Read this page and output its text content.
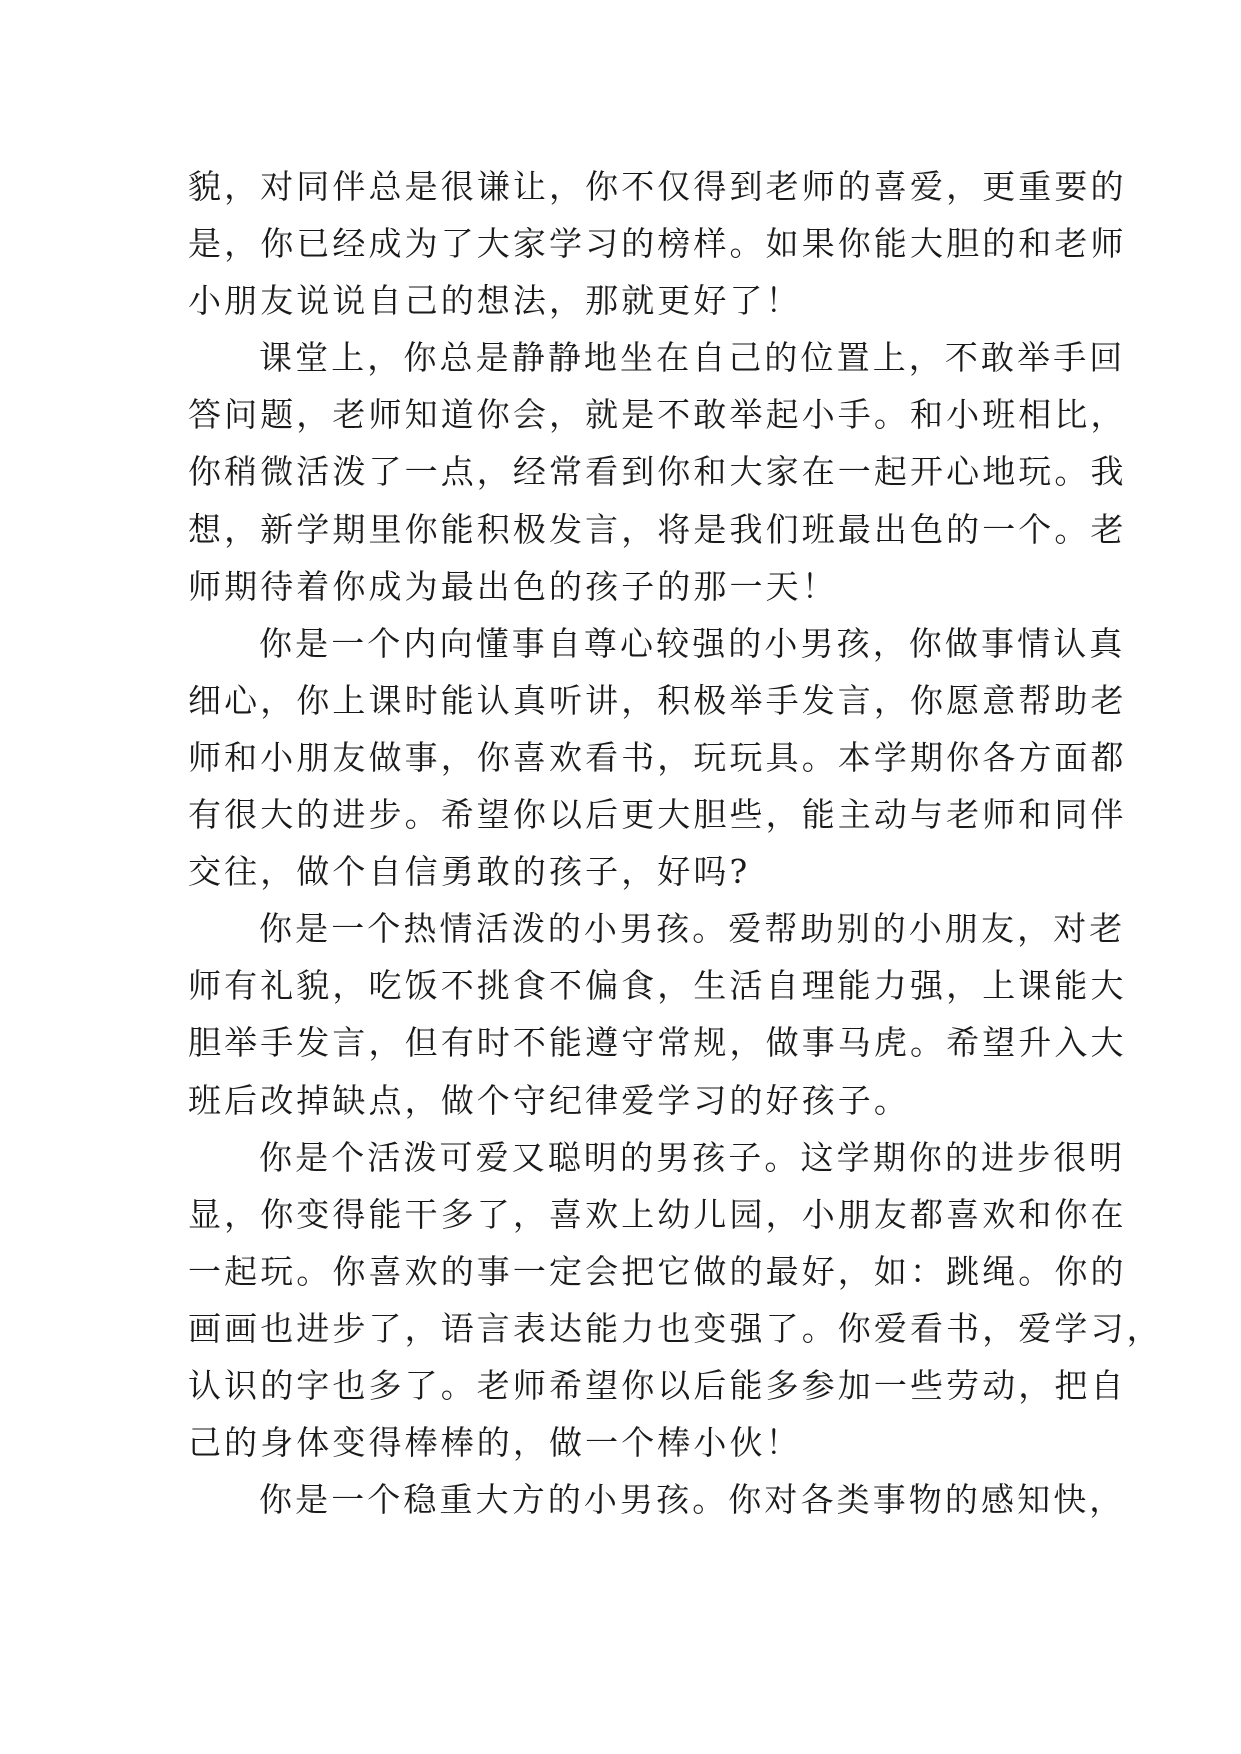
貌，对同伴总是很谦让，你不仅得到老师的喜爱，更重要的
是，你已经成为了大家学习的榜样。如果你能大胆的和老师
小朋友说说自己的想法，那就更好了！
课堂上，你总是静静地坐在自己的位置上，不敢举手回
答问题，老师知道你会，就是不敢举起小手。和小班相比，
你稍微活泼了一点，经常看到你和大家在一起开心地玩。我
想，新学期里你能积极发言，将是我们班最出色的一个。老
师期待着你成为最出色的孩子的那一天！
你是一个内向懂事自尊心较强的小男孩，你做事情认真
细心，你上课时能认真听讲，积极举手发言，你愿意帮助老
师和小朋友做事，你喜欢看书，玩玩具。本学期你各方面都
有很大的进步。希望你以后更大胆些，能主动与老师和同伴
交往，做个自信勇敢的孩子，好吗?
你是一个热情活泼的小男孩。爱帮助别的小朋友，对老
师有礼貌，吃饭不挑食不偏食，生活自理能力强，上课能大
胆举手发言，但有时不能遵守常规，做事马虎。希望升入大
班后改掉缺点，做个守纪律爱学习的好孩子。
你是个活泼可爱又聪明的男孩子。这学期你的进步很明
显，你变得能干多了，喜欢上幼儿园，小朋友都喜欢和你在
一起玩。你喜欢的事一定会把它做的最好，如：跳绳。你的
画画也进步了，语言表达能力也变强了。你爱看书，爱学习，
认识的字也多了。老师希望你以后能多参加一些劳动，把自
己的身体变得棒棒的，做一个棒小伙！
你是一个稳重大方的小男孩。你对各类事物的感知快，
